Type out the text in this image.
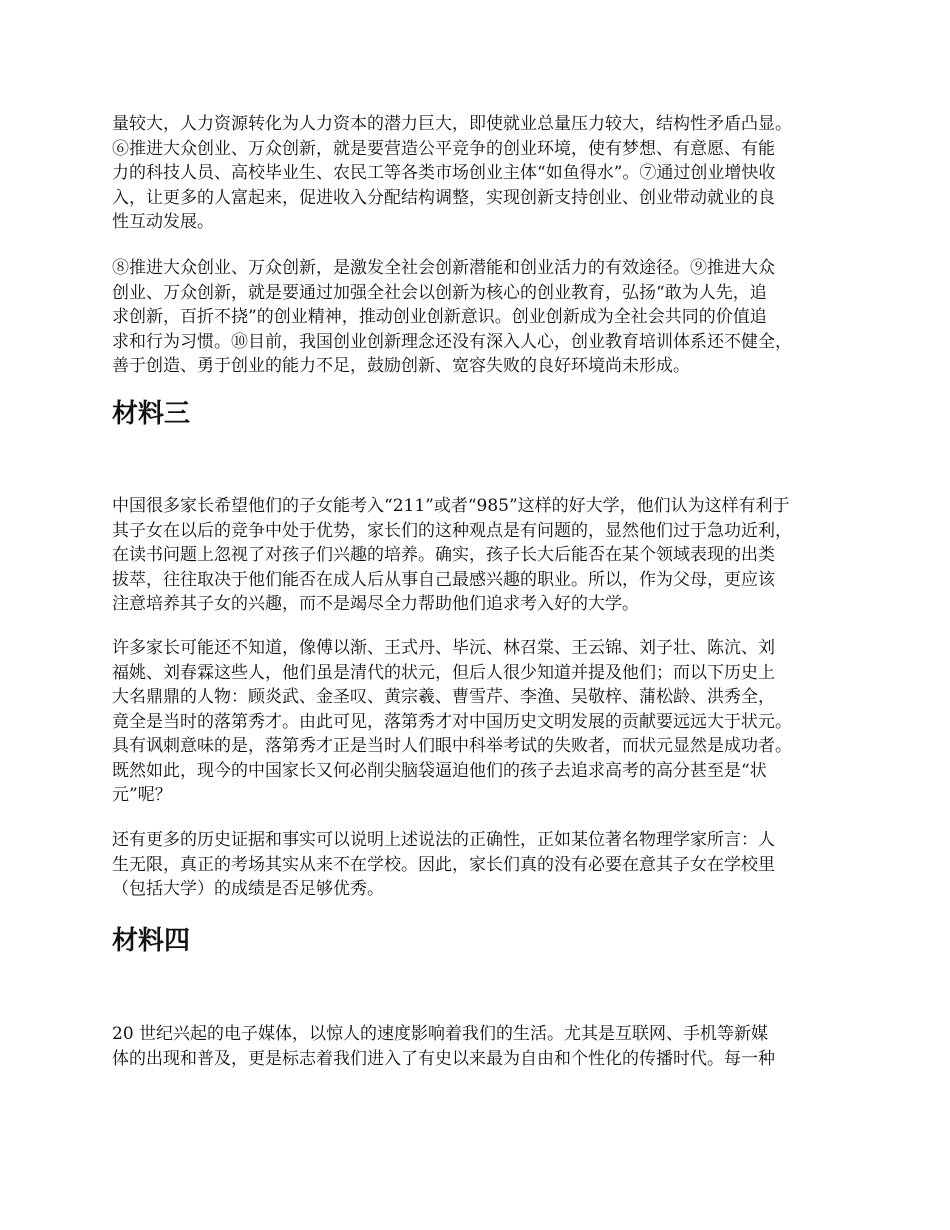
量较大，人力资源转化为人力资本的潜力巨大，即使就业总量压力较大，结构性矛盾凸显。
⑥推进大众创业、万众创新，就是要营造公平竞争的创业环境，使有梦想、有意愿、有能
力的科技人员、高校毕业生、农民工等各类市场创业主体“如鱼得水”。⑦通过创业增快收
入，让更多的人富起来，促进收入分配结构调整，实现创新支持创业、创业带动就业的良
性互动发展。
⑧推进大众创业、万众创新，是激发全社会创新潜能和创业活力的有效途径。⑨推进大众
创业、万众创新，就是要通过加强全社会以创新为核心的创业教育，弘扬“敢为人先，追
求创新，百折不挠”的创业精神，推动创业创新意识。创业创新成为全社会共同的价值追
求和行为习惯。⑩目前，我国创业创新理念还没有深入人心，创业教育培训体系还不健全，
善于创造、勇于创业的能力不足，鼓励创新、宽容失败的良好环境尚未形成。
材料三
中国很多家长希望他们的子女能考入“211”或者“985”这样的好大学，他们认为这样有利于
其子女在以后的竞争中处于优势，家长们的这种观点是有问题的，显然他们过于急功近利，
在读书问题上忽视了对孩子们兴趣的培养。确实，孩子长大后能否在某个领域表现的出类
拔萃，往往取决于他们能否在成人后从事自己最感兴趣的职业。所以，作为父母，更应该
注意培养其子女的兴趣，而不是竭尽全力帮助他们追求考入好的大学。
许多家长可能还不知道，像傅以渐、王式丹、毕沅、林召棠、王云锦、刘子壮、陈沆、刘
福姚、刘春霖这些人，他们虽是清代的状元，但后人很少知道并提及他们；而以下历史上
大名鼎鼎的人物：顾炎武、金圣叹、黄宗羲、曹雪芹、李渔、吴敬梓、蒲松龄、洪秀全，
竟全是当时的落第秀才。由此可见，落第秀才对中国历史文明发展的贡献要远远大于状元。
具有讽刺意味的是，落第秀才正是当时人们眼中科举考试的失败者，而状元显然是成功者。
既然如此，现今的中国家长又何必削尖脑袋逼迫他们的孩子去追求高考的高分甚至是“状
元”呢？
还有更多的历史证据和事实可以说明上述说法的正确性，正如某位著名物理学家所言：人
生无限，真正的考场其实从来不在学校。因此，家长们真的没有必要在意其子女在学校里
（包括大学）的成绩是否足够优秀。
材料四
20 世纪兴起的电子媒体，以惊人的速度影响着我们的生活。尤其是互联网、手机等新媒
体的出现和普及，更是标志着我们进入了有史以来最为自由和个性化的传播时代。每一种
